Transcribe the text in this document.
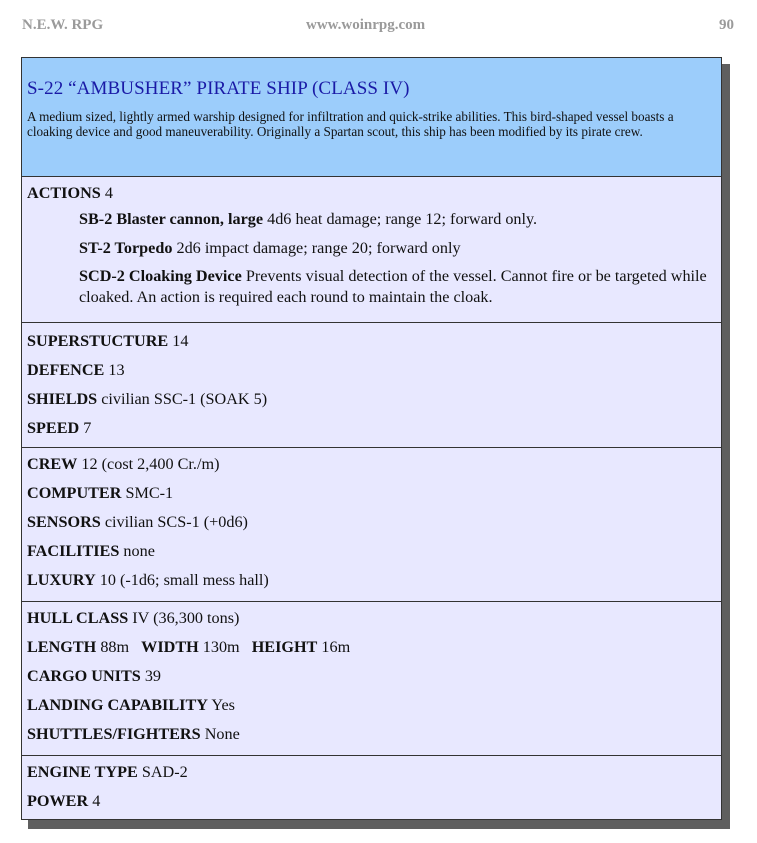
N.E.W. RPG	www.woinrpg.com	90
S-22 “AMBUSHER” PIRATE SHIP (CLASS IV)
A medium sized, lightly armed warship designed for infiltration and quick-strike abilities. This bird-shaped vessel boasts a cloaking device and good maneuverability. Originally a Spartan scout, this ship has been modified by its pirate crew.
ACTIONS 4
SB-2 Blaster cannon, large 4d6 heat damage; range 12; forward only.
ST-2 Torpedo 2d6 impact damage; range 20; forward only
SCD-2 Cloaking Device Prevents visual detection of the vessel. Cannot fire or be targeted while cloaked. An action is required each round to maintain the cloak.
SUPERSTUCTURE 14
DEFENCE 13
SHIELDS civilian SSC-1 (SOAK 5)
SPEED 7
CREW 12 (cost 2,400 Cr./m)
COMPUTER SMC-1
SENSORS civilian SCS-1 (+0d6)
FACILITIES none
LUXURY 10 (-1d6; small mess hall)
HULL CLASS IV (36,300 tons)
LENGTH 88m WIDTH 130m HEIGHT 16m
CARGO UNITS 39
LANDING CAPABILITY Yes
SHUTTLES/FIGHTERS None
ENGINE TYPE SAD-2
POWER 4
